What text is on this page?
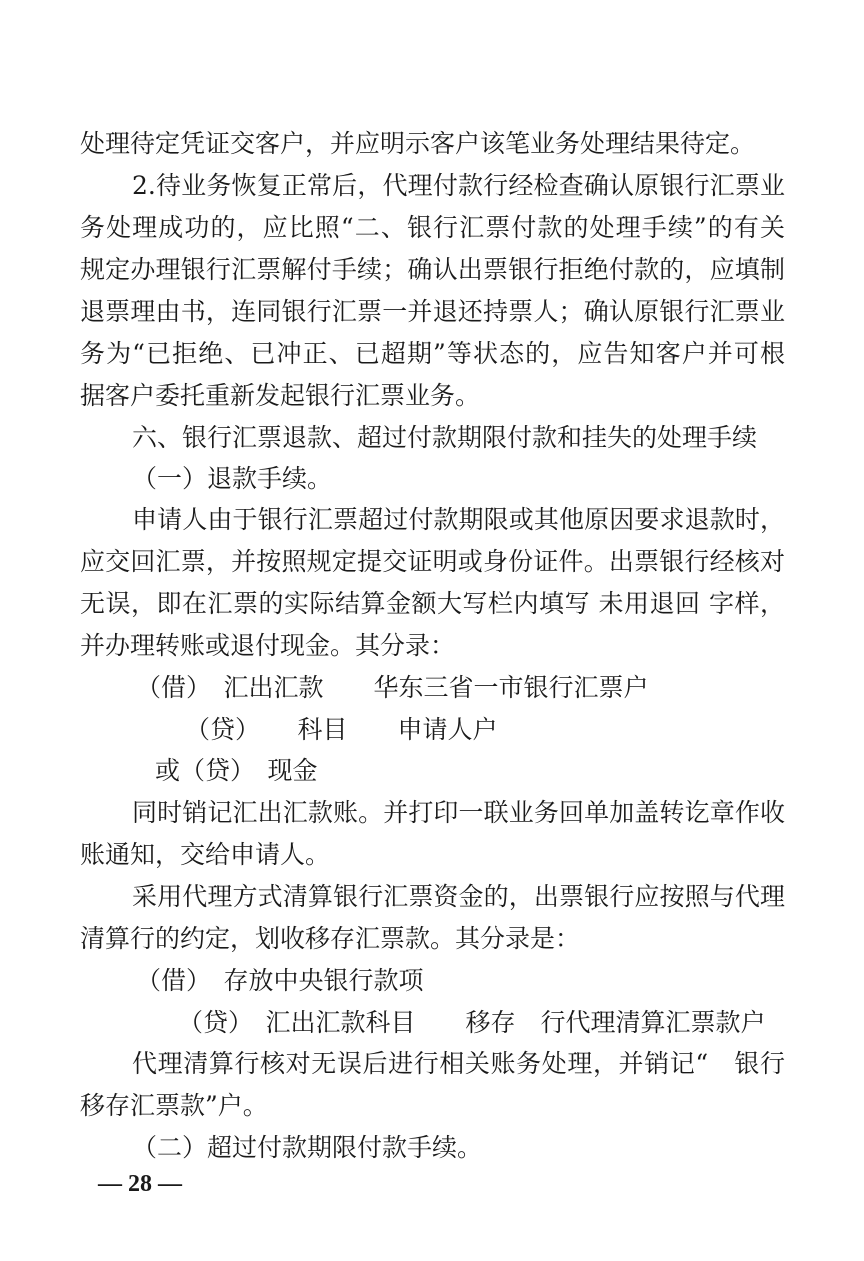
处理待定凭证交客户，并应明示客户该笔业务处理结果待定。
2.待业务恢复正常后，代理付款行经检查确认原银行汇票业
务处理成功的，应比照“二、银行汇票付款的处理手续”的有关
规定办理银行汇票解付手续；确认出票银行拒绝付款的，应填制
退票理由书，连同银行汇票一并退还持票人；确认原银行汇票业
务为“已拒绝、已冲正、已超期”等状态的，应告知客户并可根
据客户委托重新发起银行汇票业务。
六、银行汇票退款、超过付款期限付款和挂失的处理手续
（一）退款手续。
申请人由于银行汇票超过付款期限或其他原因要求退款时，
应交回汇票，并按照规定提交证明或身份证件。出票银行经核对
无误，即在汇票的实际结算金额大写栏内填写 未用退回 字样，
并办理转账或退付现金。其分录：
（借）　汇出汇款　　华东三省一市银行汇票户
（贷）　　科目　　申请人户
或（贷）　现金
同时销记汇出汇款账。并打印一联业务回单加盖转讫章作收
账通知，交给申请人。
采用代理方式清算银行汇票资金的，出票银行应按照与代理
清算行的约定，划收移存汇票款。其分录是：
（借）　存放中央银行款项
（贷）　汇出汇款科目　　移存　行代理清算汇票款户
代理清算行核对无误后进行相关账务处理，并销记“　银行
移存汇票款”户。
（二）超过付款期限付款手续。
— 28 —
